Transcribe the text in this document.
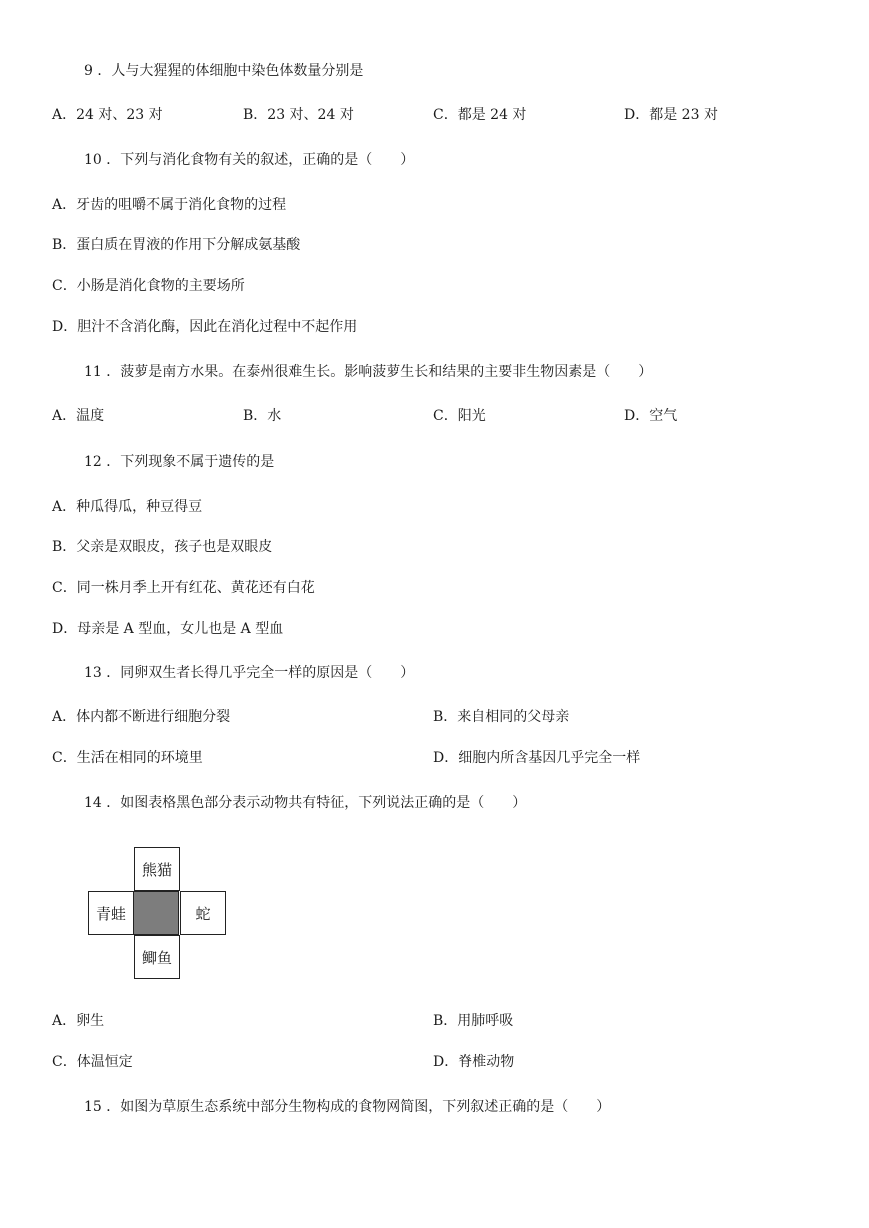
9 ．人与大猩猩的体细胞中染色体数量分别是
A．24 对、23 对	B．23 对、24 对	C．都是 24 对	D．都是 23 对
10 ．下列与消化食物有关的叙述，正确的是（　　）
A．牙齿的咀嚼不属于消化食物的过程
B．蛋白质在胃液的作用下分解成氨基酸
C．小肠是消化食物的主要场所
D．胆汁不含消化酶，因此在消化过程中不起作用
11 ．菠萝是南方水果。在泰州很难生长。影响菠萝生长和结果的主要非生物因素是（　　）
A．温度	B．水	C．阳光	D．空气
12 ．下列现象不属于遗传的是
A．种瓜得瓜，种豆得豆
B．父亲是双眼皮，孩子也是双眼皮
C．同一株月季上开有红花、黄花还有白花
D．母亲是 A 型血，女儿也是 A 型血
13 ．同卵双生者长得几乎完全一样的原因是（　　）
A．体内都不断进行细胞分裂	B．来自相同的父母亲
C．生活在相同的环境里	D．细胞内所含基因几乎完全一样
14 ．如图表格黑色部分表示动物共有特征，下列说法正确的是（　　）
熊猫
青蛙	蛇
鲫鱼
A．卵生	B．用肺呼吸
C．体温恒定	D．脊椎动物
15 ．如图为草原生态系统中部分生物构成的食物网简图，下列叙述正确的是（　　）
